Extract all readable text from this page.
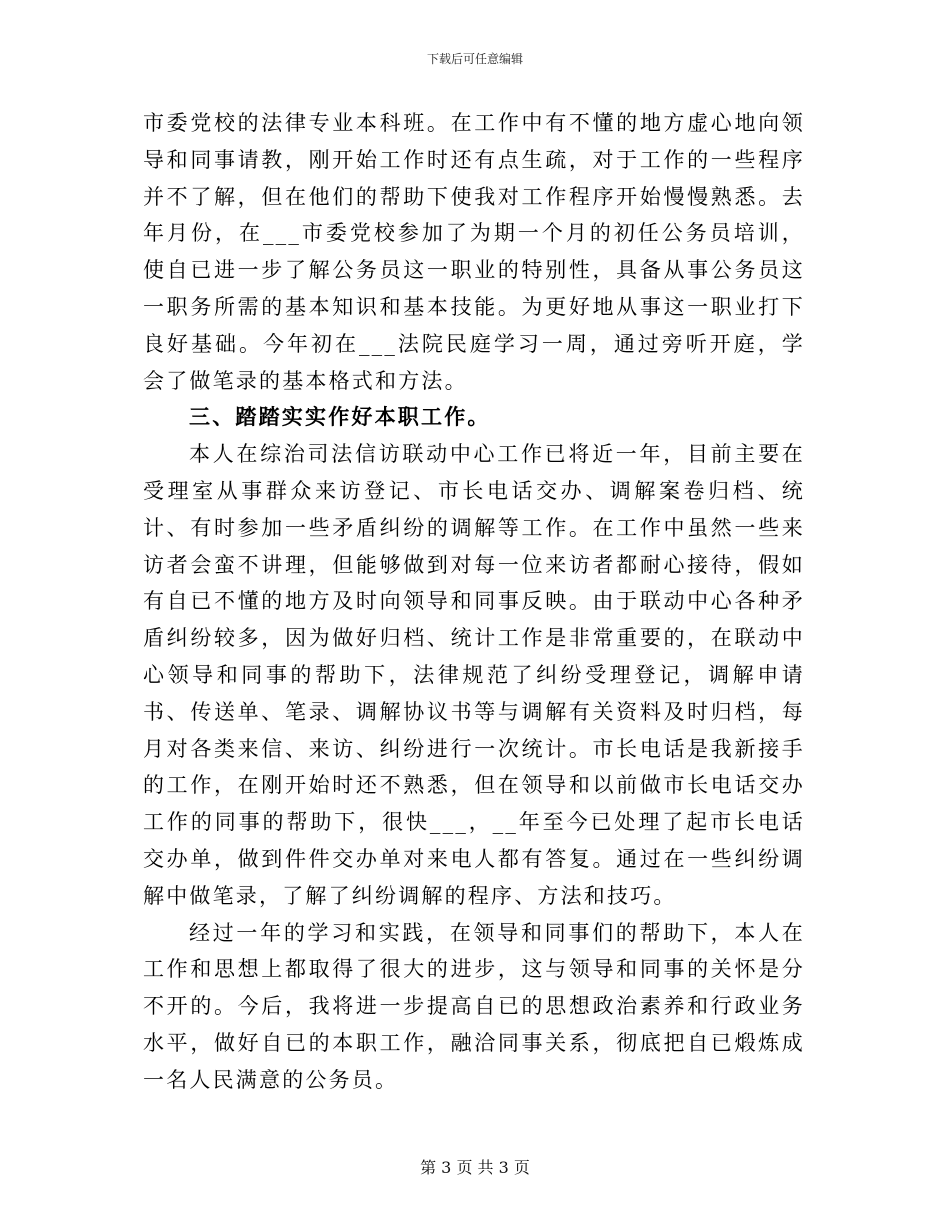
下载后可任意编辑

市委党校的法律专业本科班。在工作中有不懂的地方虚心地向领导和同事请教，刚开始工作时还有点生疏，对于工作的一些程序并不了解，但在他们的帮助下使我对工作程序开始慢慢熟悉。去年月份，在___市委党校参加了为期一个月的初任公务员培训，使自已进一步了解公务员这一职业的特别性，具备从事公务员这一职务所需的基本知识和基本技能。为更好地从事这一职业打下良好基础。今年初在___法院民庭学习一周，通过旁听开庭，学会了做笔录的基本格式和方法。

三、踏踏实实作好本职工作。

本人在综治司法信访联动中心工作已将近一年，目前主要在受理室从事群众来访登记、市长电话交办、调解案卷归档、统计、有时参加一些矛盾纠纷的调解等工作。在工作中虽然一些来访者会蛮不讲理，但能够做到对每一位来访者都耐心接待，假如有自已不懂的地方及时向领导和同事反映。由于联动中心各种矛盾纠纷较多，因为做好归档、统计工作是非常重要的，在联动中心领导和同事的帮助下，法律规范了纠纷受理登记，调解申请书、传送单、笔录、调解协议书等与调解有关资料及时归档，每月对各类来信、来访、纠纷进行一次统计。市长电话是我新接手的工作，在刚开始时还不熟悉，但在领导和以前做市长电话交办工作的同事的帮助下，很快___，__年至今已处理了起市长电话交办单，做到件件交办单对来电人都有答复。通过在一些纠纷调解中做笔录，了解了纠纷调解的程序、方法和技巧。

经过一年的学习和实践，在领导和同事们的帮助下，本人在工作和思想上都取得了很大的进步，这与领导和同事的关怀是分不开的。今后，我将进一步提高自已的思想政治素养和行政业务水平，做好自已的本职工作，融洽同事关系，彻底把自已煅炼成一名人民满意的公务员。

第 3 页 共 3 页
